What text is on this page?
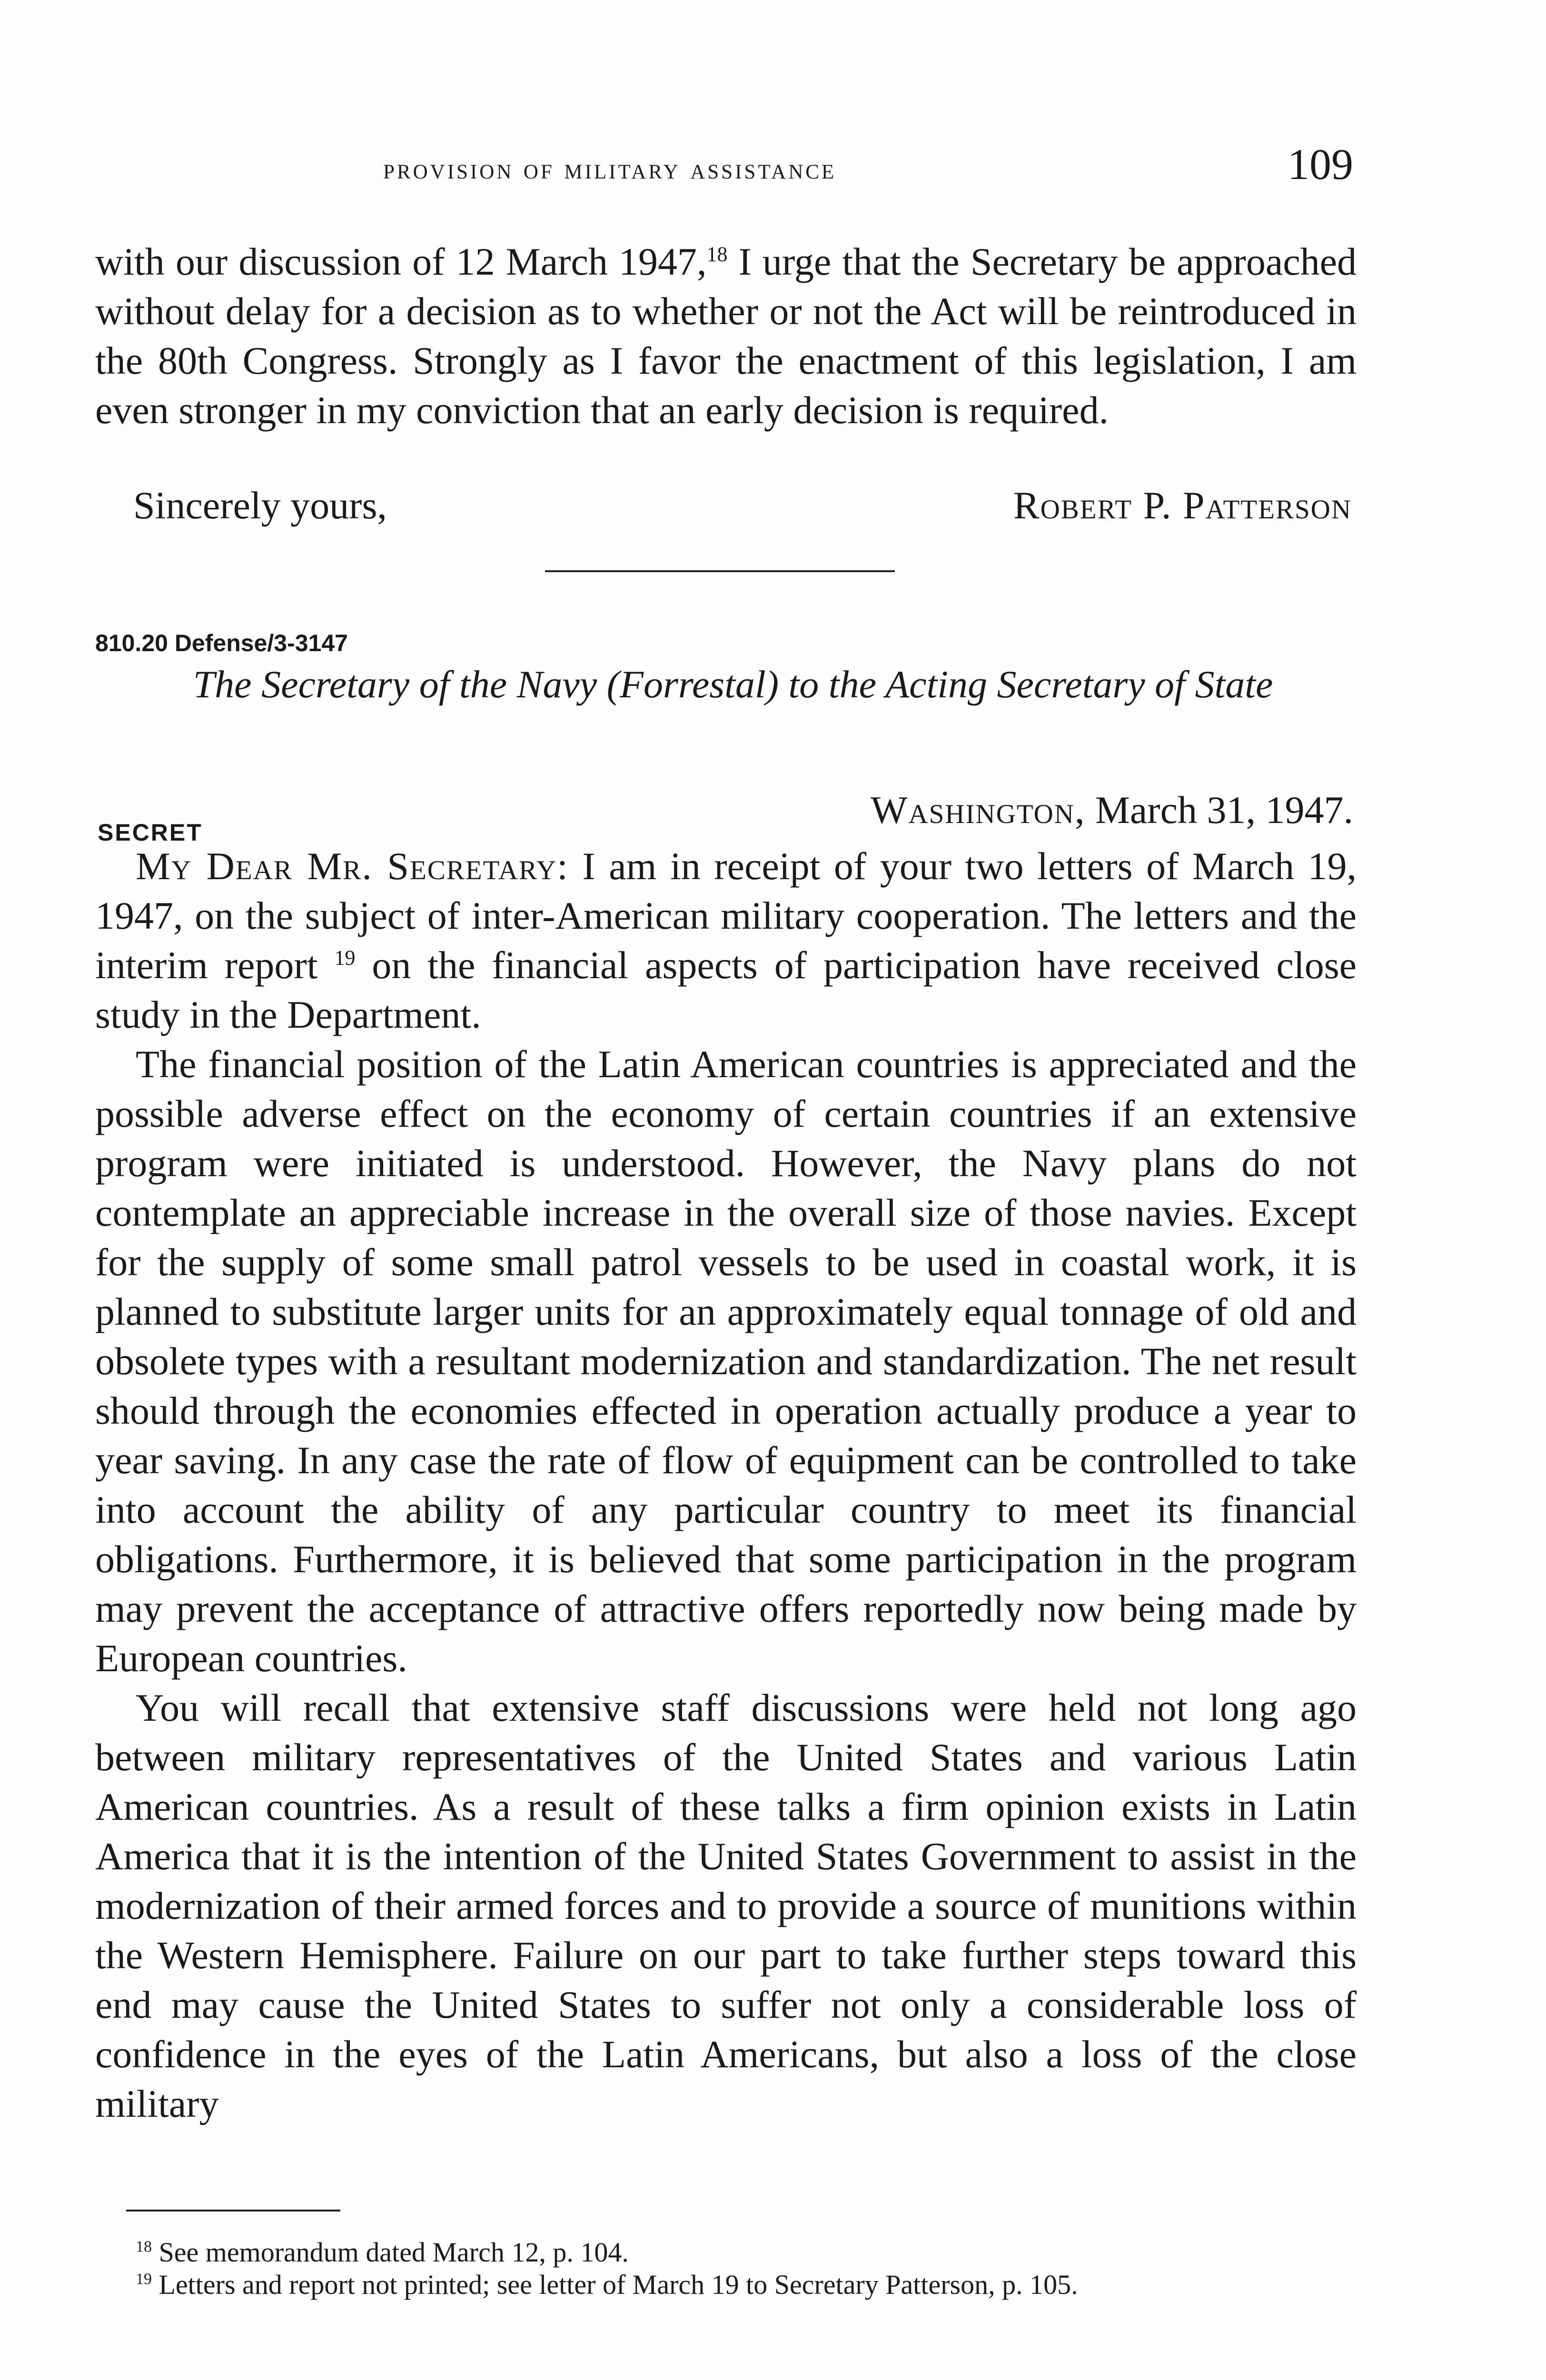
provision of military assistance	109

with our discussion of 12 March 1947,18 I urge that the Secretary be approached without delay for a decision as to whether or not the Act will be reintroduced in the 80th Congress. Strongly as I favor the enactment of this legislation, I am even stronger in my conviction that an early decision is required.

Sincerely yours,	Robert P. Patterson
810.20 Defense/3-3147
The Secretary of the Navy (Forrestal) to the Acting Secretary of State
SECRET
Washington, March 31, 1947.

My Dear Mr. Secretary: I am in receipt of your two letters of March 19, 1947, on the subject of inter-American military cooperation. The letters and the interim report $^{19}$ on the financial aspects of participation have received close study in the Department.

The financial position of the Latin American countries is appreciated and the possible adverse effect on the economy of certain countries if an extensive program were initiated is understood. However, the Navy plans do not contemplate an appreciable increase in the overall size of those navies. Except for the supply of some small patrol vessels to be used in coastal work, it is planned to substitute larger units for an approximately equal tonnage of old and obsolete types with a resultant modernization and standardization. The net result should through the economies effected in operation actually produce a year to year saving. In any case the rate of flow of equipment can be controlled to take into account the ability of any particular country to meet its financial obligations. Furthermore, it is believed that some participation in the program may prevent the acceptance of attractive offers reportedly now being made by European countries.

You will recall that extensive staff discussions were held not long ago between military representatives of the United States and various Latin American countries. As a result of these talks a firm opinion exists in Latin America that it is the intention of the United States Government to assist in the modernization of their armed forces and to provide a source of munitions within the Western Hemisphere. Failure on our part to take further steps toward this end may cause the United States to suffer not only a considerable loss of confidence in the eyes of the Latin Americans, but also a loss of the close military

$^{18}$ See memorandum dated March 12, p. 104.

$^{19}$ Letters and report not printed; see letter of March 19 to Secretary Patterson, p. 105.
